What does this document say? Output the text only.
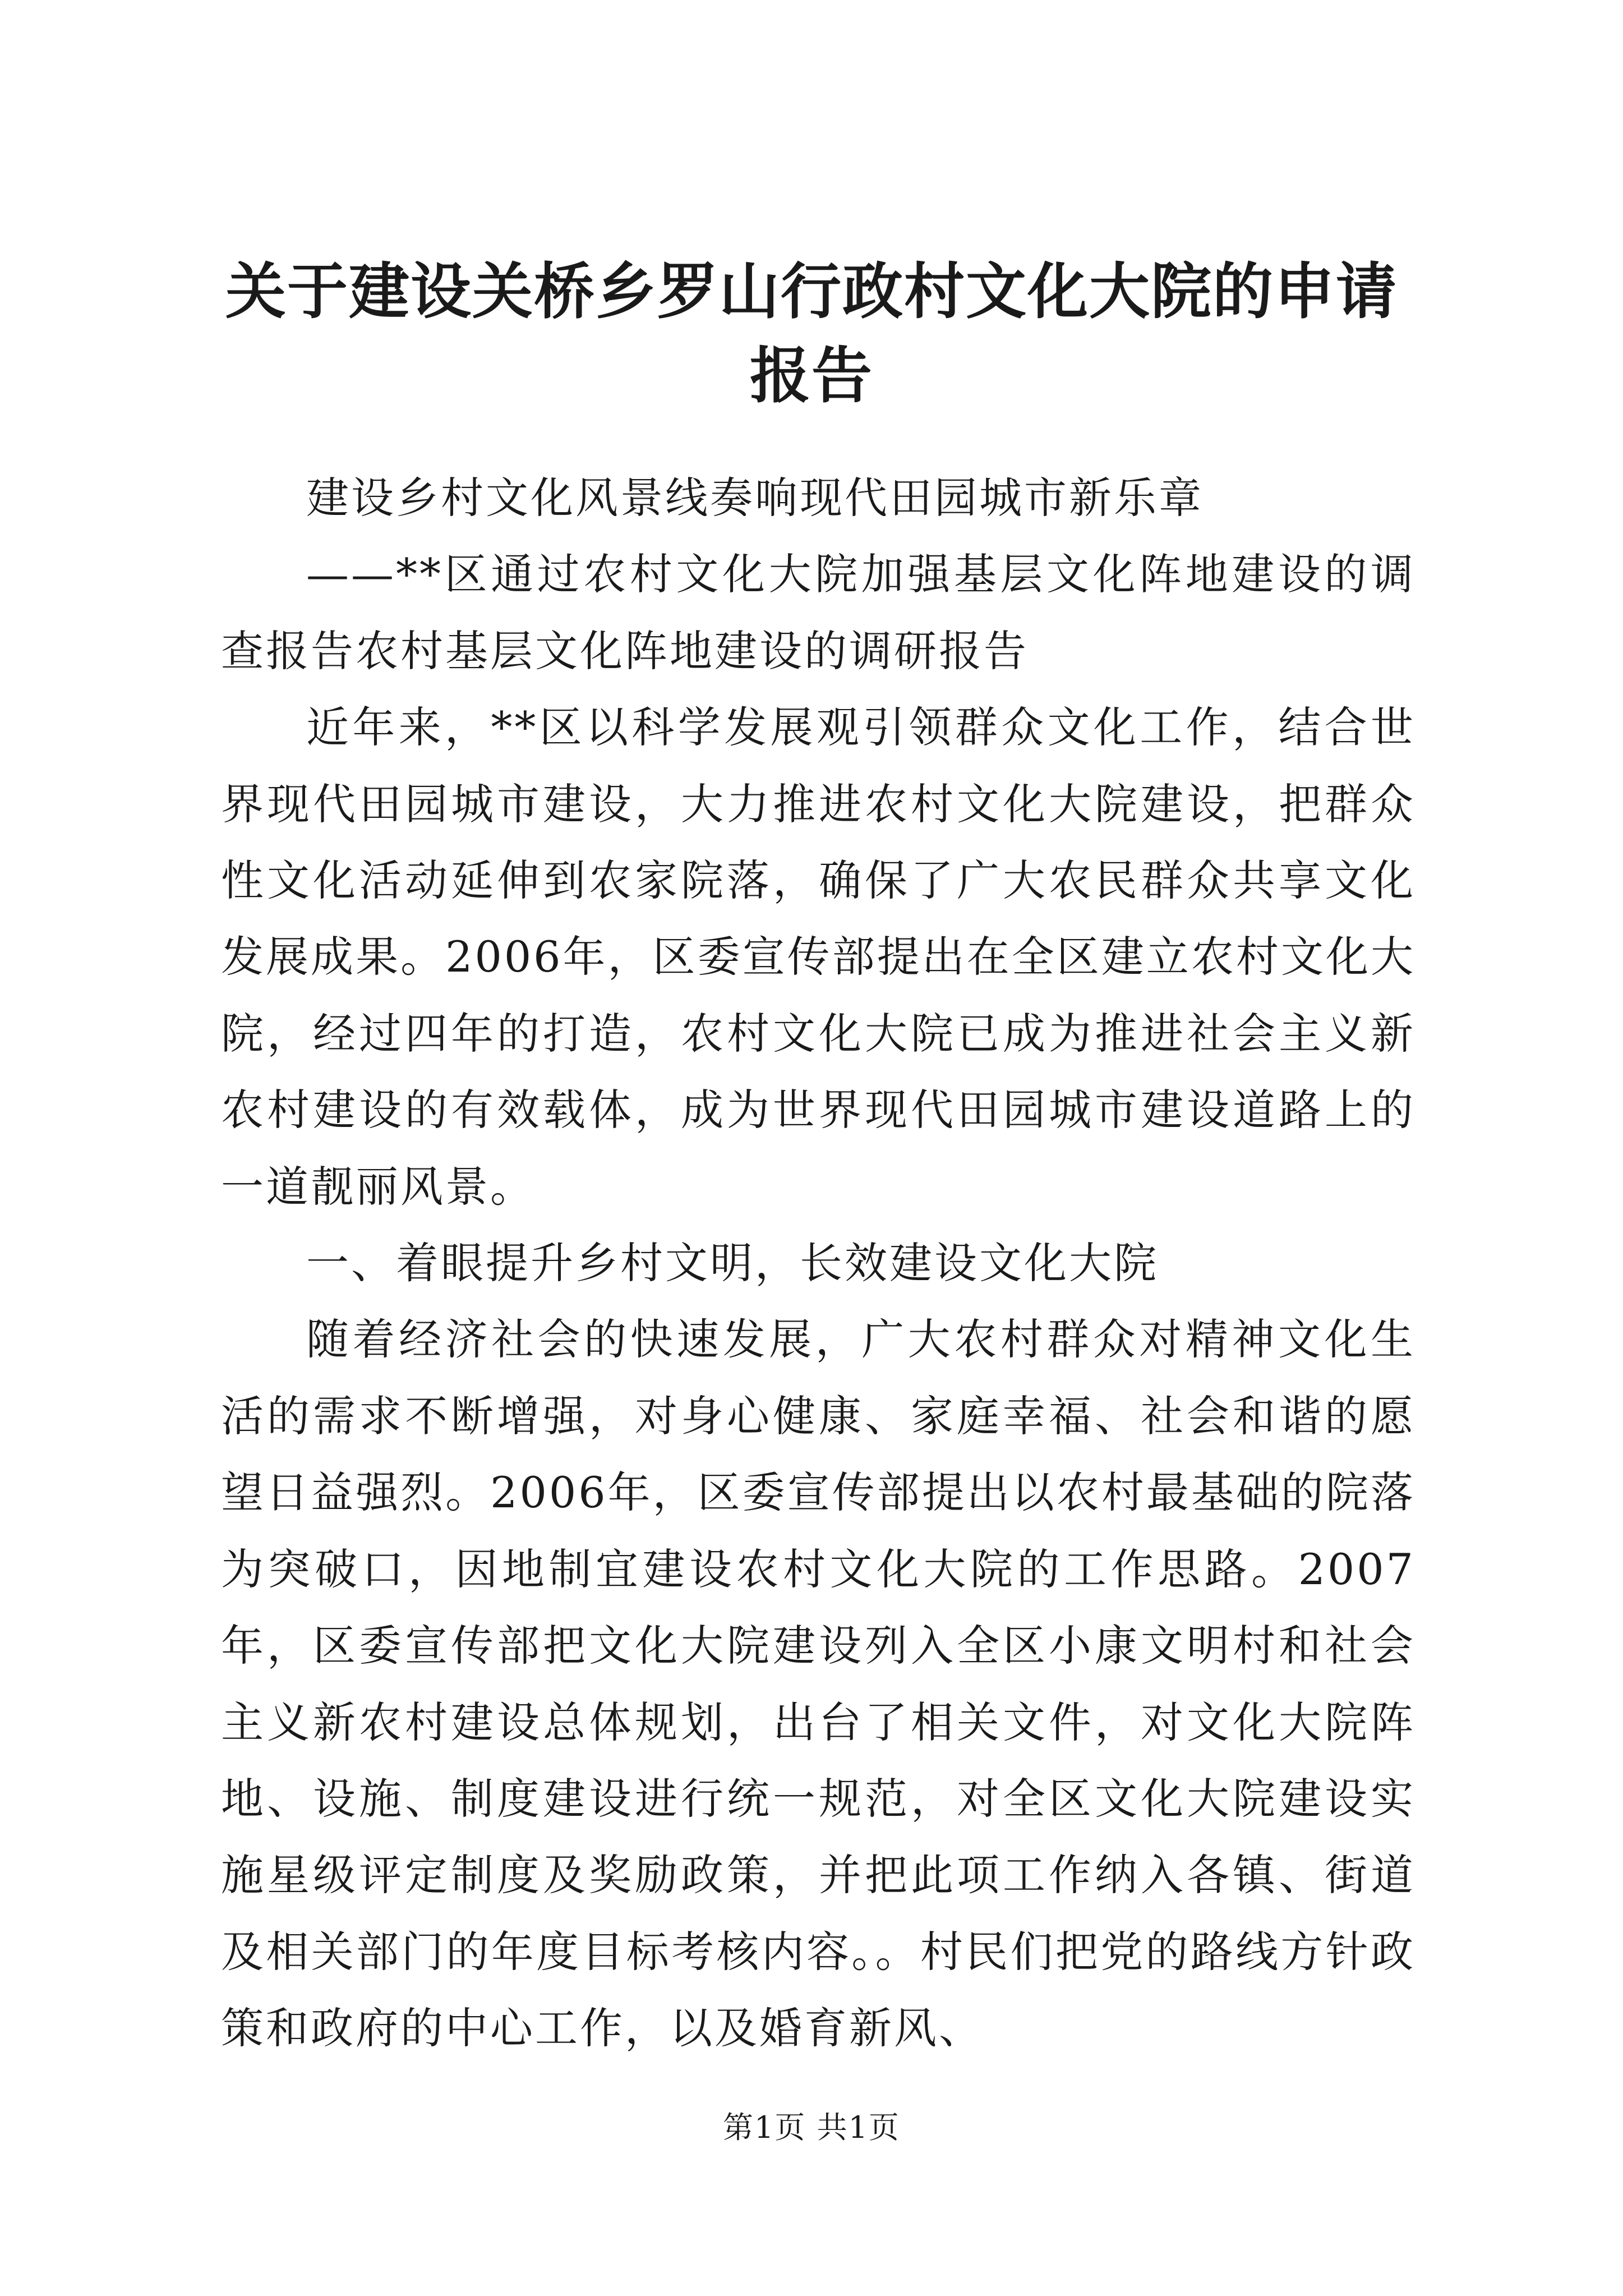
关于建设关桥乡罗山行政村文化大院的申请报告

建设乡村文化风景线奏响现代田园城市新乐章

——**区通过农村文化大院加强基层文化阵地建设的调查报告农村基层文化阵地建设的调研报告

近年来，**区以科学发展观引领群众文化工作，结合世界现代田园城市建设，大力推进农村文化大院建设，把群众性文化活动延伸到农家院落，确保了广大农民群众共享文化发展成果。2006年，区委宣传部提出在全区建立农村文化大院，经过四年的打造，农村文化大院已成为推进社会主义新农村建设的有效载体，成为世界现代田园城市建设道路上的一道靓丽风景。

一、着眼提升乡村文明，长效建设文化大院

随着经济社会的快速发展，广大农村群众对精神文化生活的需求不断增强，对身心健康、家庭幸福、社会和谐的愿望日益强烈。2006年，区委宣传部提出以农村最基础的院落为突破口，因地制宜建设农村文化大院的工作思路。2007年，区委宣传部把文化大院建设列入全区小康文明村和社会主义新农村建设总体规划，出台了相关文件，对文化大院阵地、设施、制度建设进行统一规范，对全区文化大院建设实施星级评定制度及奖励政策，并把此项工作纳入各镇、街道及相关部门的年度目标考核内容。。村民们把党的路线方针政策和政府的中心工作，以及婚育新风、

第1页 共1页
